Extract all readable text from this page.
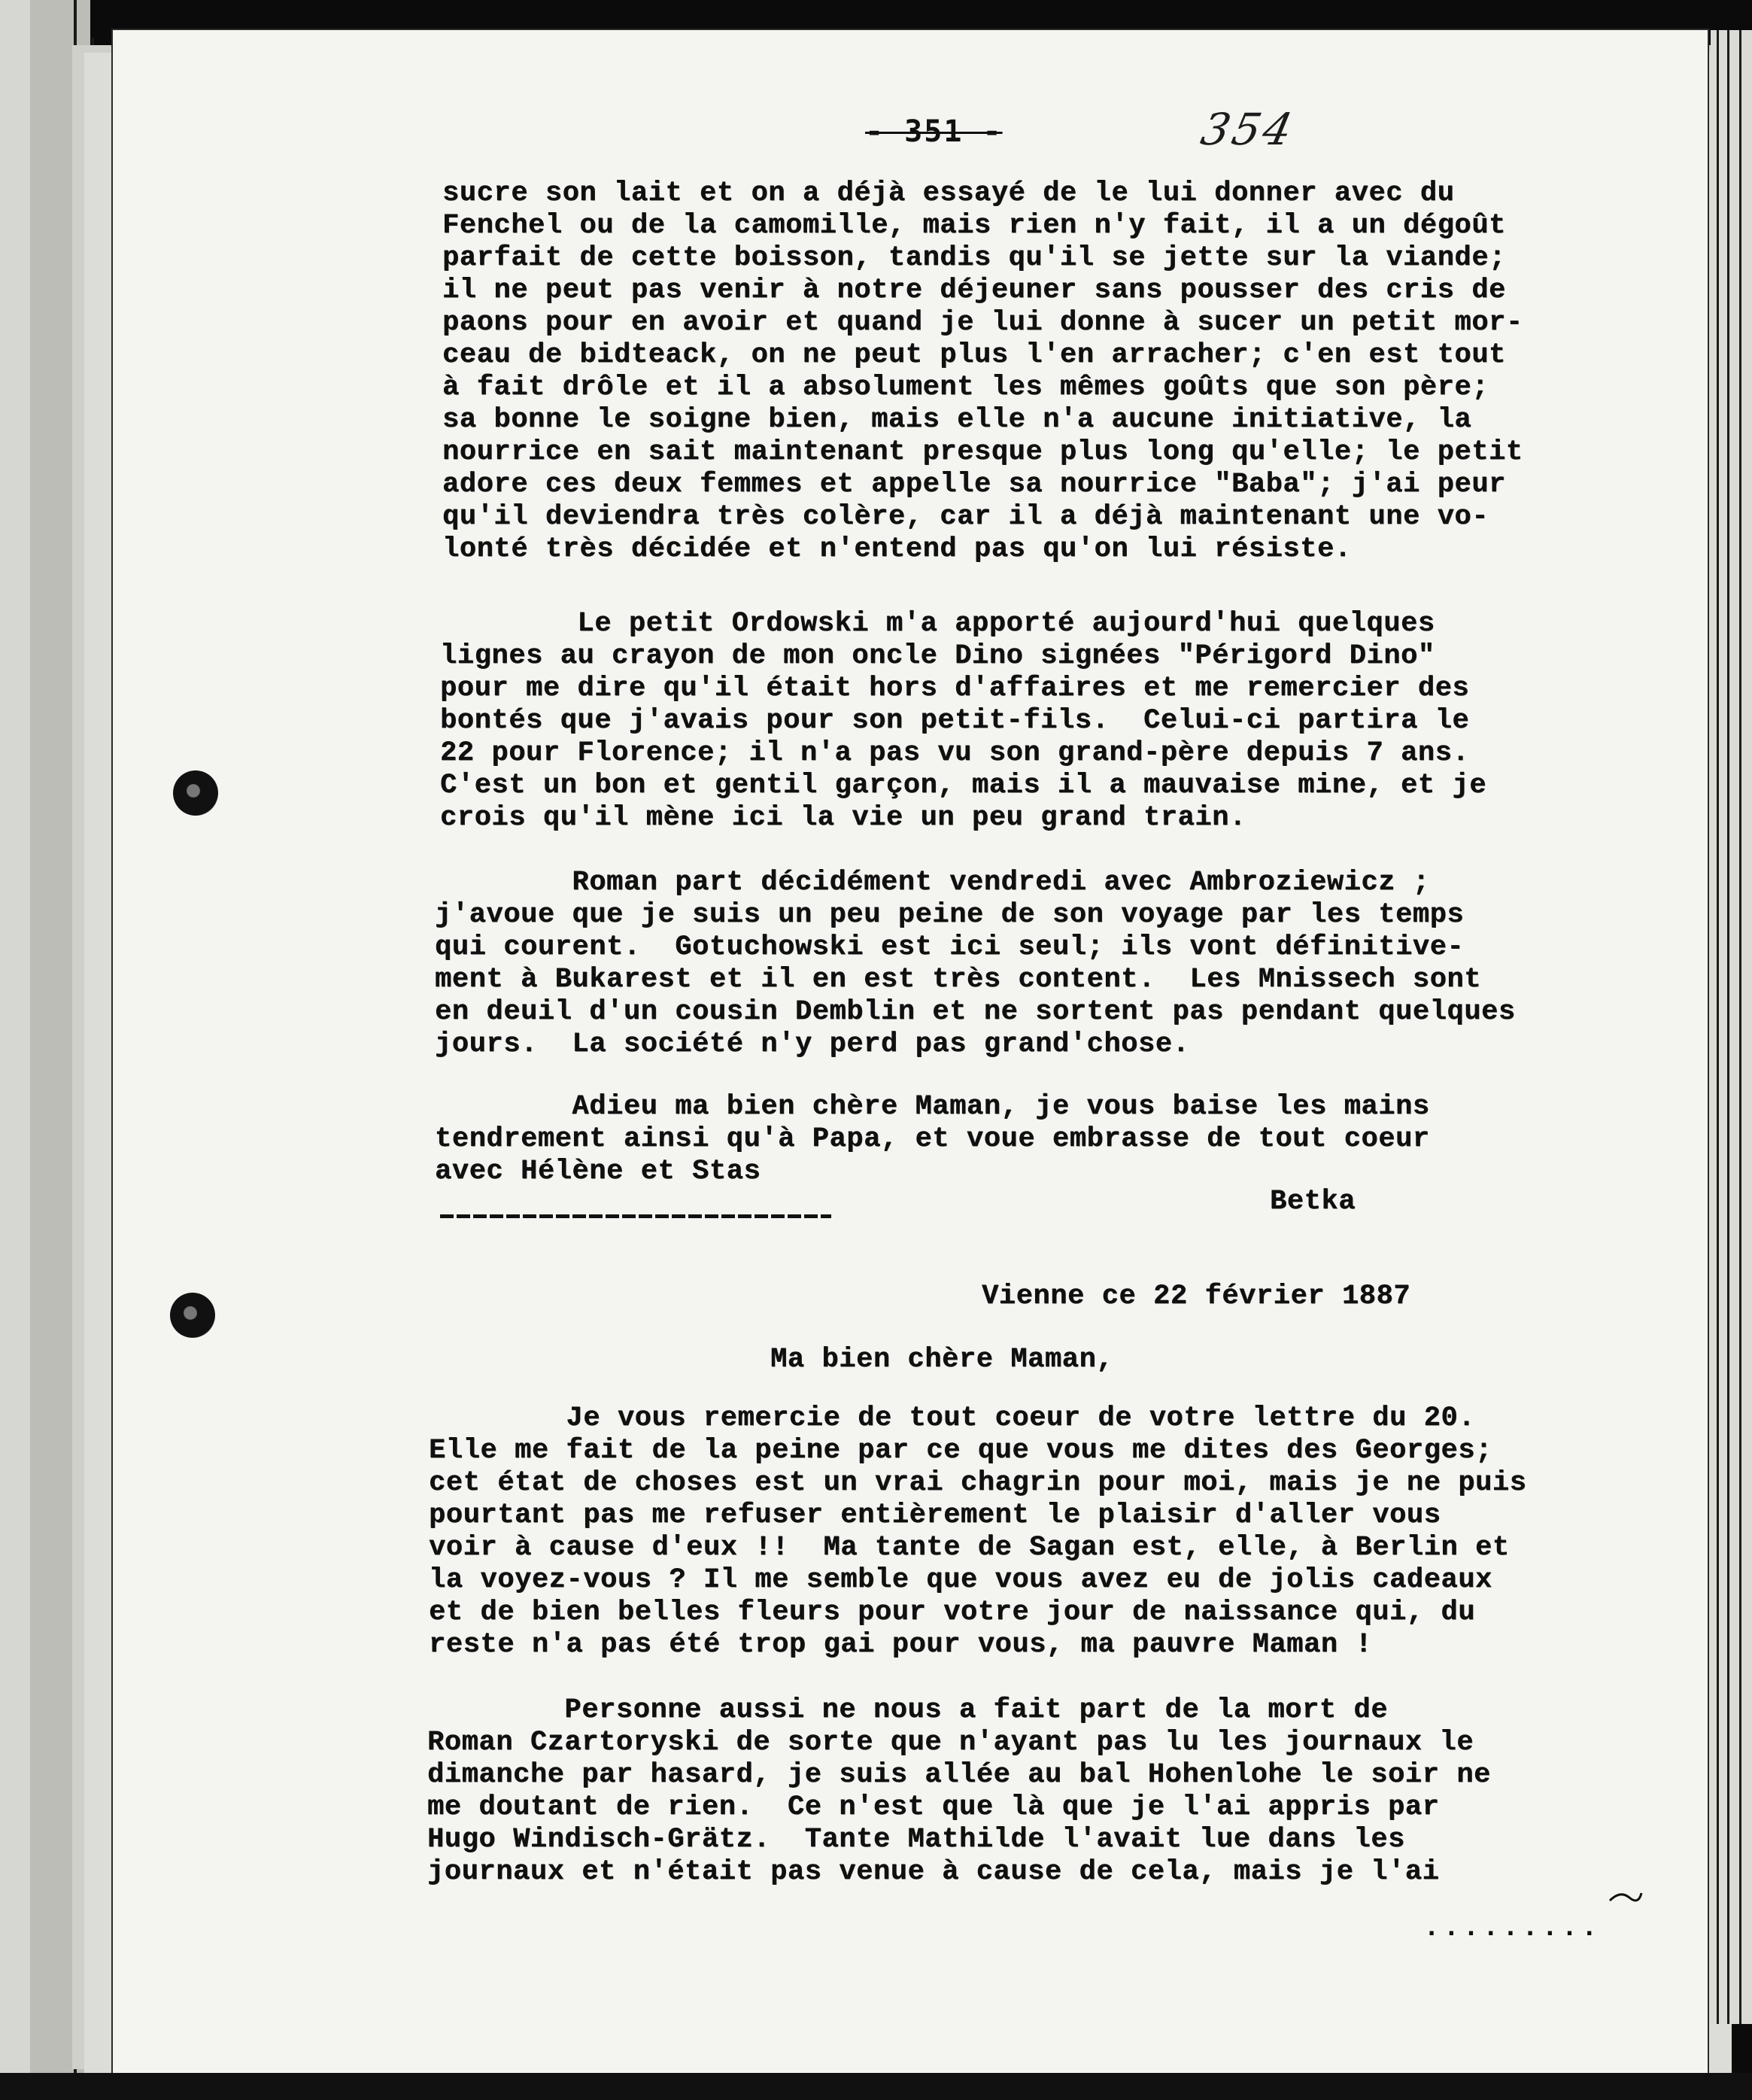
- 351 -	354
sucre son lait et on a déjà essayé de le lui donner avec du
Fenchel ou de la camomille, mais rien n'y fait, il a un dégoût
parfait de cette boisson, tandis qu'il se jette sur la viande;
il ne peut pas venir à notre déjeuner sans pousser des cris de
paons pour en avoir et quand je lui donne à sucer un petit mor-
ceau de bidteack, on ne peut plus l'en arracher; c'en est tout
à fait drôle et il a absolument les mêmes goûts que son père;
sa bonne le soigne bien, mais elle n'a aucune initiative, la
nourrice en sait maintenant presque plus long qu'elle; le petit
adore ces deux femmes et appelle sa nourrice "Baba"; j'ai peur
qu'il deviendra très colère, car il a déjà maintenant une vo-
lonté très décidée et n'entend pas qu'on lui résiste.
Le petit Ordowski m'a apporté aujourd'hui quelques
lignes au crayon de mon oncle Dino signées "Périgord Dino"
pour me dire qu'il était hors d'affaires et me remercier des
bontés que j'avais pour son petit-fils.  Celui-ci partira le
22 pour Florence; il n'a pas vu son grand-père depuis 7 ans.
C'est un bon et gentil garçon, mais il a mauvaise mine, et je
crois qu'il mène ici la vie un peu grand train.
Roman part décidément vendredi avec Ambroziewicz ;
j'avoue que je suis un peu peine de son voyage par les temps
qui courent.  Gotuchowski est ici seul; ils vont définitive-
ment à Bukarest et il en est très content.  Les Mnissech sont
en deuil d'un cousin Demblin et ne sortent pas pendant quelques
jours.  La société n'y perd pas grand'chose.
Adieu ma bien chère Maman, je vous baise les mains
tendrement ainsi qu'à Papa, et voue embrasse de tout coeur
avec Hélène et Stas
Betka
Vienne ce 22 février 1887
Ma bien chère Maman,
Je vous remercie de tout coeur de votre lettre du 20.
Elle me fait de la peine par ce que vous me dites des Georges;
cet état de choses est un vrai chagrin pour moi, mais je ne puis
pourtant pas me refuser entièrement le plaisir d'aller vous
voir à cause d'eux !!  Ma tante de Sagan est, elle, à Berlin et
la voyez-vous ? Il me semble que vous avez eu de jolis cadeaux
et de bien belles fleurs pour votre jour de naissance qui, du
reste n'a pas été trop gai pour vous, ma pauvre Maman !
Personne aussi ne nous a fait part de la mort de
Roman Czartoryski de sorte que n'ayant pas lu les journaux le
dimanche par hasard, je suis allée au bal Hohenlohe le soir ne
me doutant de rien.  Ce n'est que là que je l'ai appris par
Hugo Windisch-Grätz.  Tante Mathilde l'avait lue dans les
journaux et n'était pas venue à cause de cela, mais je l'ai
.........
